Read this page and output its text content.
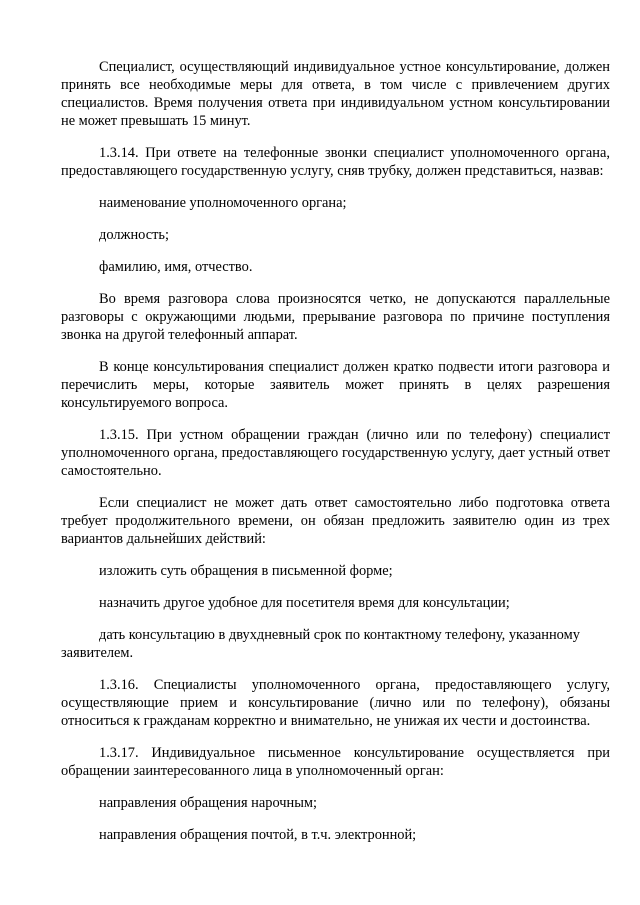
Специалист, осуществляющий индивидуальное устное консультирование, должен принять все необходимые меры для ответа, в том числе с привлечением других специалистов. Время получения ответа при индивидуальном устном консультировании не может превышать 15 минут.

1.3.14. При ответе на телефонные звонки специалист уполномоченного органа, предоставляющего государственную услугу, сняв трубку, должен представиться, назвав:

наименование уполномоченного органа;

должность;

фамилию, имя, отчество.

Во время разговора слова произносятся четко, не допускаются параллельные разговоры с окружающими людьми, прерывание разговора по причине поступления звонка на другой телефонный аппарат.

В конце консультирования специалист должен кратко подвести итоги разговора и перечислить меры, которые заявитель может принять в целях разрешения консультируемого вопроса.

1.3.15. При устном обращении граждан (лично или по телефону) специалист уполномоченного органа, предоставляющего государственную услугу, дает устный ответ самостоятельно.

Если специалист не может дать ответ самостоятельно либо подготовка ответа требует продолжительного времени, он обязан предложить заявителю один из трех вариантов дальнейших действий:

изложить суть обращения в письменной форме;

назначить другое удобное для посетителя время для консультации;

дать консультацию в двухдневный срок по контактному телефону, указанному заявителем.

1.3.16. Специалисты уполномоченного органа, предоставляющего услугу, осуществляющие прием и консультирование (лично или по телефону), обязаны относиться к гражданам корректно и внимательно, не унижая их чести и достоинства.

1.3.17. Индивидуальное письменное консультирование осуществляется при обращении заинтересованного лица в уполномоченный орган:

направления обращения нарочным;

направления обращения почтой, в т.ч. электронной;
